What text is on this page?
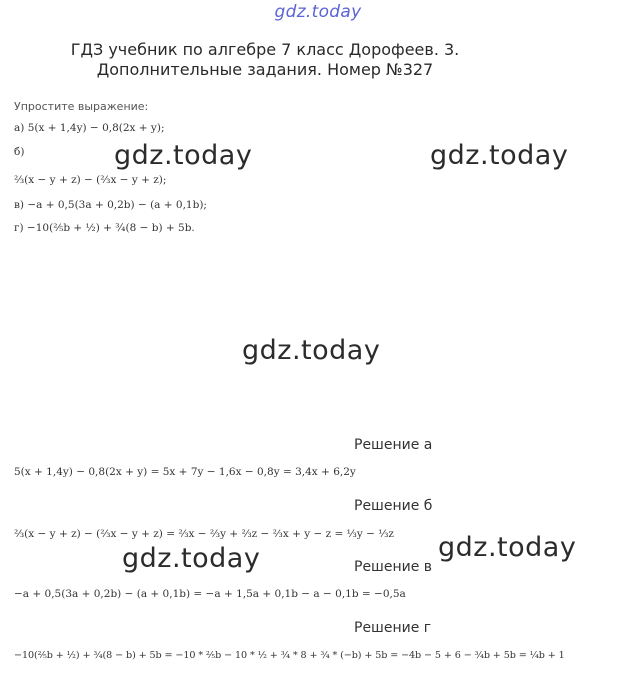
gdz.today
ГДЗ учебник по алгебре 7 класс Дорофеев. 3. Дополнительные задания. Номер №327
Упростите выражение:
а) 5(x + 1,4y) − 0,8(2x + y);
б)
⅔(x − y + z) − (⅔x − y + z);
в) −a + 0,5(3a + 0,2b) − (a + 0,1b);
г) −10(⅖b + ½) + ¾(8 − b) + 5b.
gdz.today	gdz.today
gdz.today
gdz.today	gdz.today
Решение а
5(x + 1,4y) − 0,8(2x + y) = 5x + 7y − 1,6x − 0,8y = 3,4x + 6,2y
Решение б
⅔(x − y + z) − (⅔x − y + z) = ⅔x − ⅔y + ⅔z − ⅔x + y − z = ⅓y − ⅓z
Решение в
−a + 0,5(3a + 0,2b) − (a + 0,1b) = −a + 1,5a + 0,1b − a − 0,1b = −0,5a
Решение г
−10(⅖b + ½) + ¾(8 − b) + 5b = −10 * ⅖b − 10 * ½ + ¾ * 8 + ¾ * (−b) + 5b = −4b − 5 + 6 − ¾b + 5b = ¼b + 1
